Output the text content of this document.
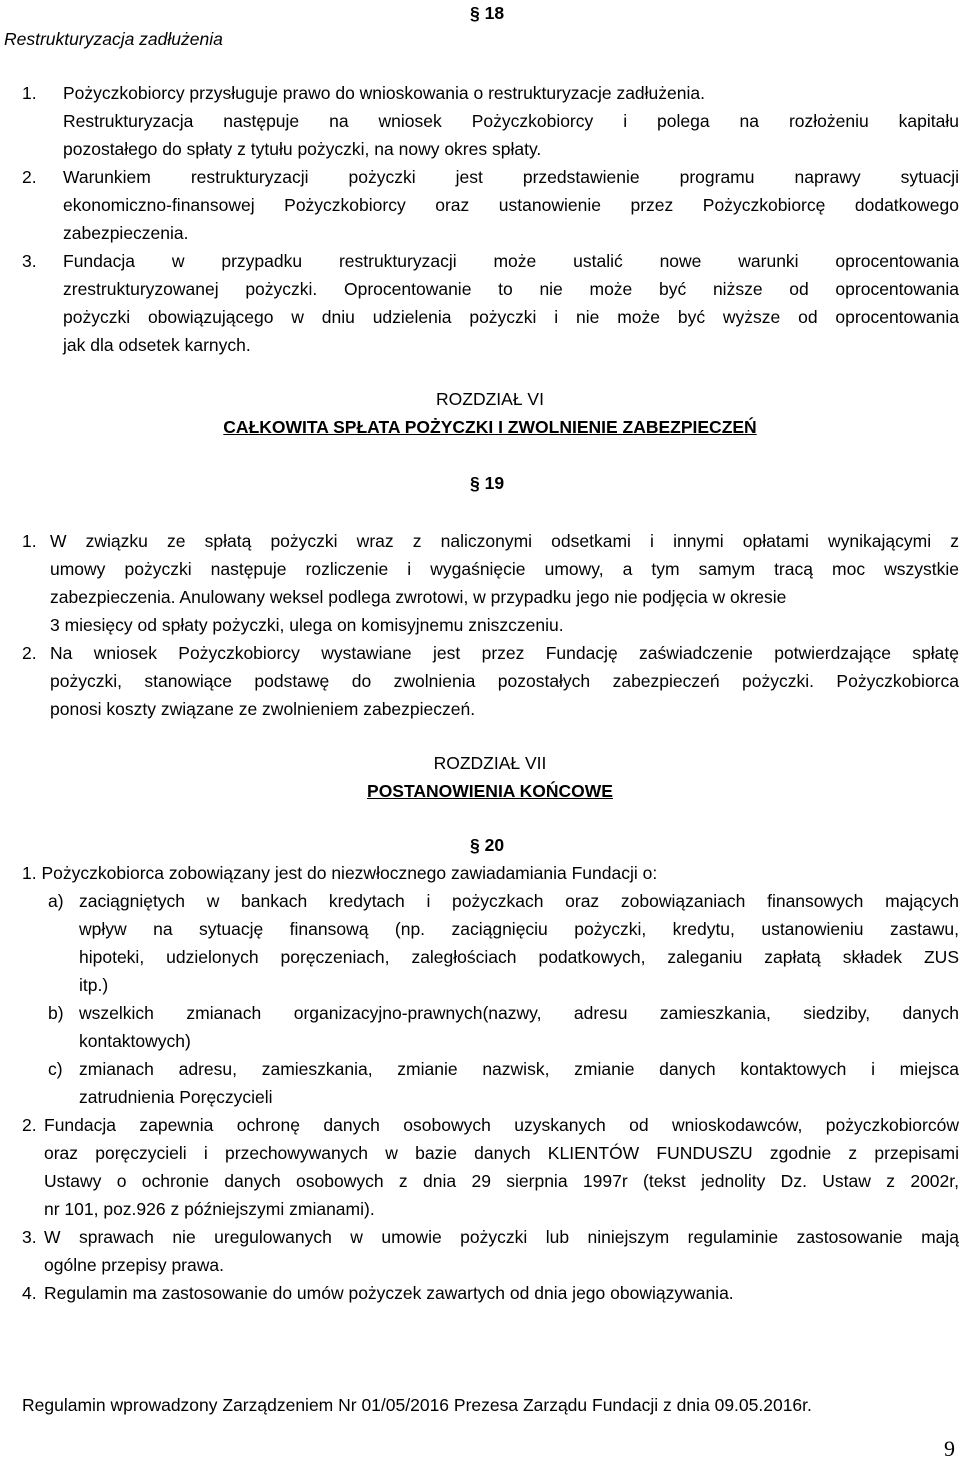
Restrukturyzacja zadłużenia
§ 18
1. Pożyczkobiorcy przysługuje prawo do wnioskowania o restrukturyzacje zadłużenia.
Restrukturyzacja następuje na wniosek Pożyczkobiorcy i polega na rozłożeniu kapitału
pozostałego do spłaty z tytułu pożyczki, na nowy okres spłaty.
2. Warunkiem restrukturyzacji pożyczki jest przedstawienie programu naprawy sytuacji
ekonomiczno-finansowej Pożyczkobiorcy oraz ustanowienie przez Pożyczkobiorcę dodatkowego
zabezpieczenia.
3. Fundacja w przypadku restrukturyzacji może ustalić nowe warunki oprocentowania
zrestrukturyzowanej pożyczki. Oprocentowanie to nie może być niższe od oprocentowania
pożyczki obowiązującego w dniu udzielenia pożyczki i nie może być wyższe od oprocentowania
jak dla odsetek karnych.
ROZDZIAŁ VI
CAŁKOWITA SPŁATA POŻYCZKI I ZWOLNIENIE ZABEZPIECZEŃ
§ 19
1. W związku ze spłatą pożyczki wraz z naliczonymi odsetkami i innymi opłatami wynikającymi z
umowy pożyczki następuje rozliczenie i wygaśnięcie umowy, a tym samym tracą moc wszystkie
zabezpieczenia. Anulowany weksel podlega zwrotowi, w przypadku jego nie podjęcia w okresie
3 miesięcy od spłaty pożyczki, ulega on komisyjnemu zniszczeniu.
2. Na wniosek Pożyczkobiorcy wystawiane jest przez Fundację zaświadczenie potwierdzające spłatę
pożyczki, stanowiące podstawę do zwolnienia pozostałych zabezpieczeń pożyczki. Pożyczkobiorca
ponosi koszty związane ze zwolnieniem zabezpieczeń.
ROZDZIAŁ VII
POSTANOWIENIA KOŃCOWE
§ 20
1. Pożyczkobiorca zobowiązany jest do niezwłocznego zawiadamiania Fundacji o:
a) zaciągniętych w bankach kredytach i pożyczkach oraz zobowiązaniach finansowych mających
wpływ na sytuację finansową (np. zaciągnięciu pożyczki, kredytu, ustanowieniu zastawu,
hipoteki, udzielonych poręczeniach, zaległościach podatkowych, zaleganiu zapłatą składek ZUS
itp.)
b) wszelkich zmianach organizacyjno-prawnych(nazwy, adresu zamieszkania, siedziby, danych
kontaktowych)
c) zmianach adresu, zamieszkania, zmianie nazwisk, zmianie danych kontaktowych i miejsca
zatrudnienia Poręczycieli
2. Fundacja zapewnia ochronę danych osobowych uzyskanych od wnioskodawców, pożyczkobiorców
oraz poręczycieli i przechowywanych w bazie danych KLIENTÓW FUNDUSZU zgodnie z przepisami
Ustawy o ochronie danych osobowych z dnia 29 sierpnia 1997r (tekst jednolity Dz. Ustaw z 2002r,
nr 101, poz.926 z późniejszymi zmianami).
3. W sprawach nie uregulowanych w umowie pożyczki lub niniejszym regulaminie zastosowanie mają
ogólne przepisy prawa.
4. Regulamin ma zastosowanie do umów pożyczek zawartych od dnia jego obowiązywania.
Regulamin wprowadzony Zarządzeniem Nr 01/05/2016 Prezesa Zarządu Fundacji z dnia 09.05.2016r.
9
